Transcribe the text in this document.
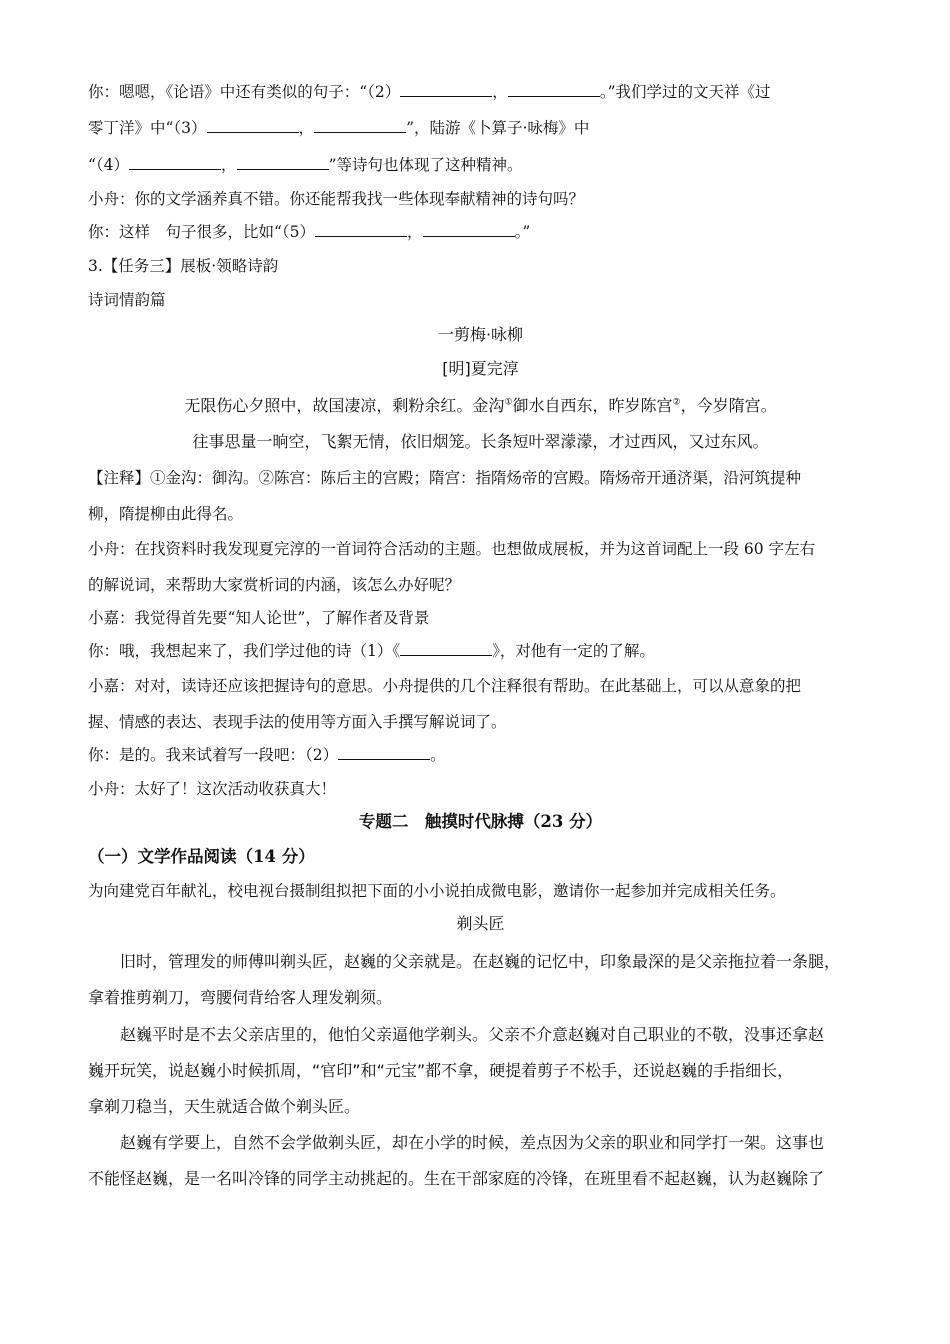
你：嗯嗯，《论语》中还有类似的句子：“（2）	，	。”我们学过的文天祥《过
零丁洋》中“（3）	，	”，陆游《卜算子·咏梅》中
“（4）	，	”等诗句也体现了这种精神。
小舟：你的文学涵养真不错。你还能帮我找一些体现奉献精神的诗句吗？
你：这样　句子很多，比如“（5）	，	。”
3.【任务三】展板·领略诗韵
诗词情韵篇
一剪梅·咏柳
[明]夏完淳
无限伤心夕照中，故国凄凉，剩粉余红。金沟①御水自西东，昨岁陈宫②，今岁隋宫。
往事思量一晌空，飞絮无情，依旧烟笼。长条短叶翠濛濛，才过西风，又过东风。
【注释】①金沟：御沟。②陈宫：陈后主的宫殿；隋宫：指隋炀帝的宫殿。隋炀帝开通济渠，沿河筑提种
柳，隋提柳由此得名。
小舟：在找资料时我发现夏完淳的一首词符合活动的主题。也想做成展板，并为这首词配上一段 60 字左右
的解说词，来帮助大家赏析词的内涵，该怎么办好呢？
小嘉：我觉得首先要“知人论世”，了解作者及背景
你：哦，我想起来了，我们学过他的诗（1）《	》，对他有一定的了解。
小嘉：对对，读诗还应该把握诗句的意思。小舟提供的几个注释很有帮助。在此基础上，可以从意象的把
握、情感的表达、表现手法的使用等方面入手撰写解说词了。
你：是的。我来试着写一段吧：（2）	。
小舟：太好了！这次活动收获真大！
专题二　触摸时代脉搏（23 分）
（一）文学作品阅读（14 分）
为向建党百年献礼，校电视台摄制组拟把下面的小小说拍成微电影，邀请你一起参加并完成相关任务。
剃头匠
旧时，管理发的师傅叫剃头匠，赵巍的父亲就是。在赵巍的记忆中，印象最深的是父亲拖拉着一条腿，
拿着推剪剃刀，弯腰伺背给客人理发剃须。
赵巍平时是不去父亲店里的，他怕父亲逼他学剃头。父亲不介意赵巍对自己职业的不敬，没事还拿赵
巍开玩笑，说赵巍小时候抓周，“官印”和“元宝”都不拿，硬提着剪子不松手，还说赵巍的手指细长，
拿剃刀稳当，天生就适合做个剃头匠。
赵巍有学要上，自然不会学做剃头匠，却在小学的时候，差点因为父亲的职业和同学打一架。这事也
不能怪赵巍，是一名叫冷锋的同学主动挑起的。生在干部家庭的冷锋，在班里看不起赵巍，认为赵巍除了
